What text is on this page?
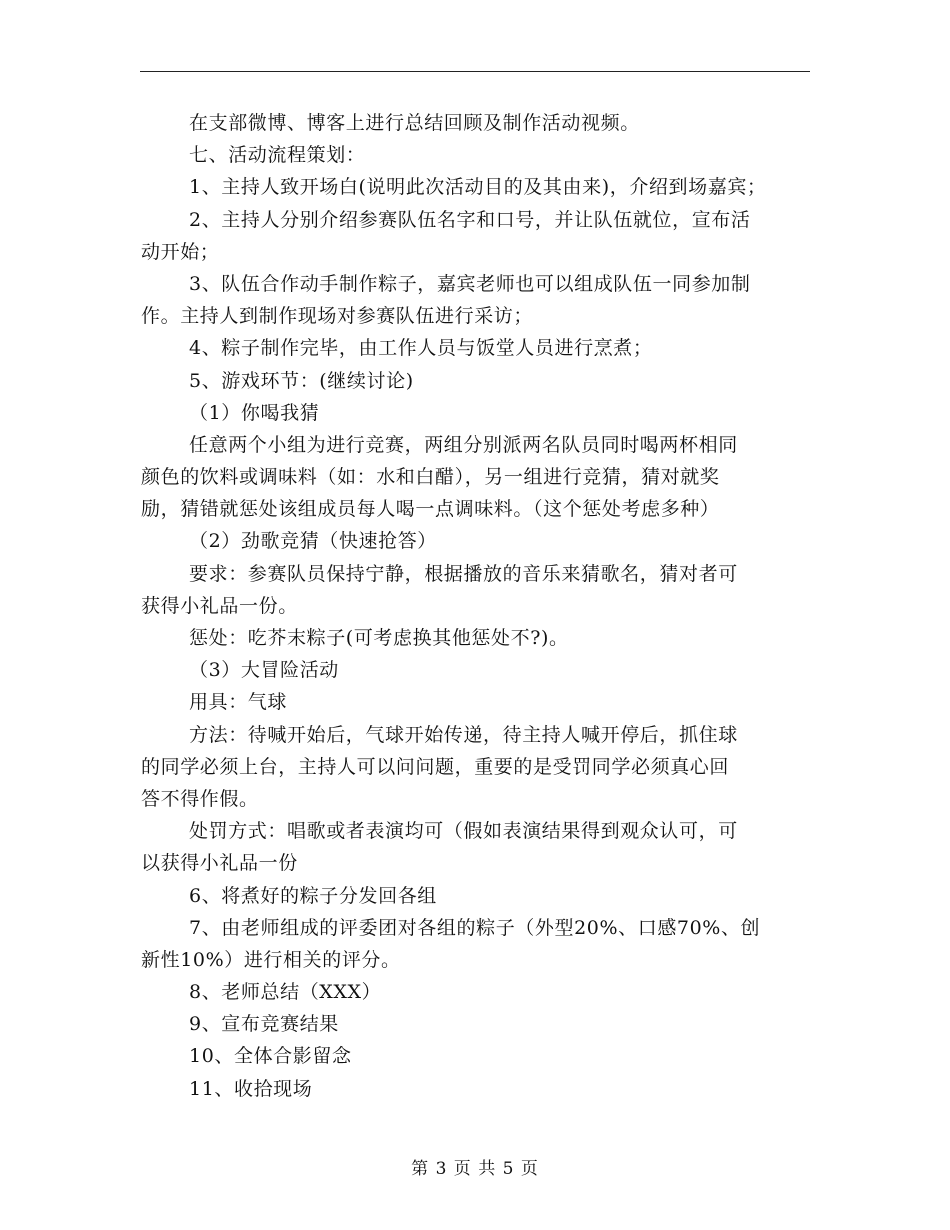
在支部微博、博客上进行总结回顾及制作活动视频。
七、活动流程策划：
1、主持人致开场白(说明此次活动目的及其由来)，介绍到场嘉宾；
2、主持人分别介绍参赛队伍名字和口号，并让队伍就位，宣布活
动开始；
3、队伍合作动手制作粽子，嘉宾老师也可以组成队伍一同参加制
作。主持人到制作现场对参赛队伍进行采访；
4、粽子制作完毕，由工作人员与饭堂人员进行烹煮；
5、游戏环节：(继续讨论)
（1）你喝我猜
任意两个小组为进行竞赛，两组分别派两名队员同时喝两杯相同
颜色的饮料或调味料（如：水和白醋），另一组进行竞猜，猜对就奖
励，猜错就惩处该组成员每人喝一点调味料。（这个惩处考虑多种）
（2）劲歌竞猜（快速抢答）
要求：参赛队员保持宁静，根据播放的音乐来猜歌名，猜对者可
获得小礼品一份。
惩处：吃芥末粽子(可考虑换其他惩处不?)。
（3）大冒险活动
用具：气球
方法：待喊开始后，气球开始传递，待主持人喊开停后，抓住球
的同学必须上台，主持人可以问问题，重要的是受罚同学必须真心回
答不得作假。
处罚方式：唱歌或者表演均可（假如表演结果得到观众认可，可
以获得小礼品一份
6、将煮好的粽子分发回各组
7、由老师组成的评委团对各组的粽子（外型20%、口感70%、创
新性10%）进行相关的评分。
8、老师总结（XXX）
9、宣布竞赛结果
10、全体合影留念
11、收拾现场
第 3 页 共 5 页
